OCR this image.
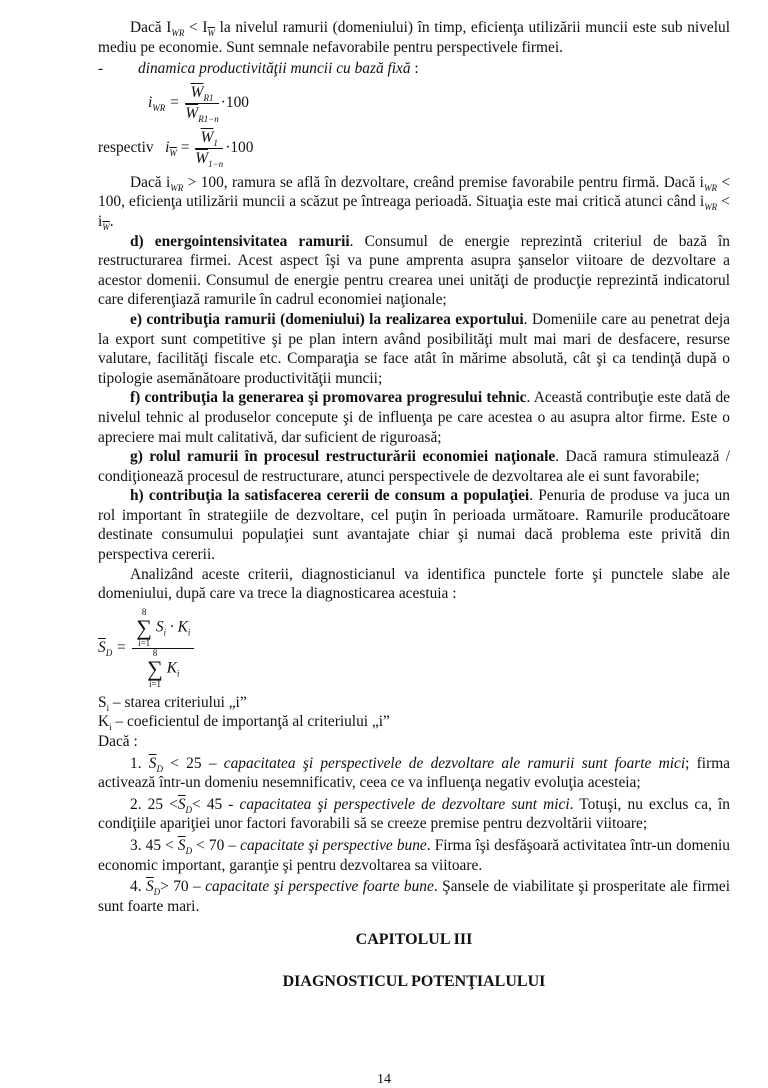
Dacă $I_{WR} < I_{\overline{W}}$ la nivelul ramurii (domeniului) în timp, eficienţa utilizării muncii este sub nivelul mediu pe economie. Sunt semnale nefavorabile pentru perspectivele firmei.

- dinamica productivităţii muncii cu bază fixă :

$i_{WR} = \frac{\overline{W}_{R1}}{\overline{W}_{R1-n}} \cdot 100$
respectiv $i_{\overline{W}} = \frac{\overline{W}_1}{\overline{W}_{1-n}} \cdot 100$

Dacă $i_{WR} > 100$, ramura se află în dezvoltare, creând premise favorabile pentru firmă. Dacă $i_{WR} < 100$, eficienţa utilizării muncii a scăzut pe întreaga perioadă. Situaţia este mai critică atunci când $i_{WR} < i_{\overline{W}}$.

d) energointensivitatea ramurii. Consumul de energie reprezintă criteriul de bază în restructurarea firmei. Acest aspect îşi va pune amprenta asupra şanselor viitoare de dezvoltare a acestor domenii. Consumul de energie pentru crearea unei unităţi de producţie reprezintă indicatorul care diferenţiază ramurile în cadrul economiei naţionale;

e) contribuţia ramurii (domeniului) la realizarea exportului. Domeniile care au penetrat deja la export sunt competitive şi pe plan intern având posibilităţi mult mai mari de desfacere, resurse valutare, facilităţi fiscale etc. Comparaţia se face atât în mărime absolută, cât şi ca tendinţă după o tipologie asemănătoare productivităţii muncii;

f) contribuţia la generarea şi promovarea progresului tehnic. Această contribuţie este dată de nivelul tehnic al produselor concepute şi de influenţa pe care acestea o au asupra altor firme. Este o apreciere mai mult calitativă, dar suficient de riguroasă;

g) rolul ramurii în procesul restructurării economiei naţionale. Dacă ramura stimulează / condiţionează procesul de restructurare, atunci perspectivele de dezvoltarea ale ei sunt favorabile;

h) contribuţia la satisfacerea cererii de consum a populaţiei. Penuria de produse va juca un rol important în strategiile de dezvoltare, cel puţin în perioada următoare. Ramurile producătoare destinate consumului populaţiei sunt avantajate chiar şi numai dacă problema este privită din perspectiva cererii.

Analizând aceste criterii, diagnosticianul va identifica punctele forte şi punctele slabe ale domeniului, după care va trece la diagnosticarea acestuia :

$\overline{S}_D = 8$
∑
i=1
$S_i \cdot K_i$
8
∑
i=1
$K_i$

$S_i$ – starea criteriului „i”

$K_i$ – coeficientul de importanţă al criteriului „i”

Dacă :

1. $\overline{S}_D < 25$ – capacitatea şi perspectivele de dezvoltare ale ramurii sunt foarte mici; firma activează într-un domeniu nesemnificativ, ceea ce va influenţa negativ evoluţia acesteia;

2. $25 <\overline{S}_D< 45$ - capacitatea şi perspectivele de dezvoltare sunt mici. Totuşi, nu exclus ca, în condiţiile apariţiei unor factori favorabili să se creeze premise pentru dezvoltării viitoare;

3. $45 < \overline{S}_D < 70$ – capacitate şi perspective bune. Firma îşi desfăşoară activitatea într-un domeniu economic important, garanţie şi pentru dezvoltarea sa viitoare.

4. $\overline{S}_D> 70$ – capacitate şi perspective foarte bune. Şansele de viabilitate şi prosperitate ale firmei sunt foarte mari.

CAPITOLUL III

DIAGNOSTICUL POTENŢIALULUI

14
